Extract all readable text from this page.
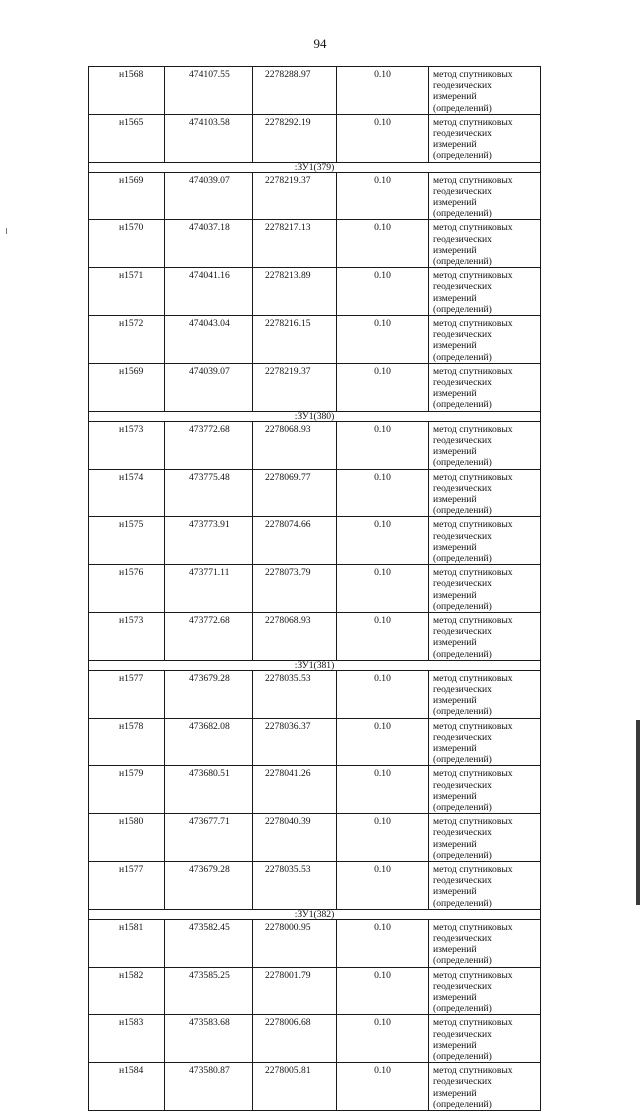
94
н1568	474107.55	2278288.97	0.10	метод спутниковых геодезических измерений (определений)
н1565	474103.58	2278292.19	0.10	метод спутниковых геодезических измерений (определений)
:ЗУ1(379)				
н1569	474039.07	2278219.37	0.10	метод спутниковых геодезических измерений (определений)
н1570	474037.18	2278217.13	0.10	метод спутниковых геодезических измерений (определений)
н1571	474041.16	2278213.89	0.10	метод спутниковых геодезических измерений (определений)
н1572	474043.04	2278216.15	0.10	метод спутниковых геодезических измерений (определений)
н1569	474039.07	2278219.37	0.10	метод спутниковых геодезических измерений (определений)
:ЗУ1(380)				
н1573	473772.68	2278068.93	0.10	метод спутниковых геодезических измерений (определений)
н1574	473775.48	2278069.77	0.10	метод спутниковых геодезических измерений (определений)
н1575	473773.91	2278074.66	0.10	метод спутниковых геодезических измерений (определений)
н1576	473771.11	2278073.79	0.10	метод спутниковых геодезических измерений (определений)
н1573	473772.68	2278068.93	0.10	метод спутниковых геодезических измерений (определений)
:ЗУ1(381)				
н1577	473679.28	2278035.53	0.10	метод спутниковых геодезических измерений (определений)
н1578	473682.08	2278036.37	0.10	метод спутниковых геодезических измерений (определений)
н1579	473680.51	2278041.26	0.10	метод спутниковых геодезических измерений (определений)
н1580	473677.71	2278040.39	0.10	метод спутниковых геодезических измерений (определений)
н1577	473679.28	2278035.53	0.10	метод спутниковых геодезических измерений (определений)
:ЗУ1(382)				
н1581	473582.45	2278000.95	0.10	метод спутниковых геодезических измерений (определений)
н1582	473585.25	2278001.79	0.10	метод спутниковых геодезических измерений (определений)
н1583	473583.68	2278006.68	0.10	метод спутниковых геодезических измерений (определений)
н1584	473580.87	2278005.81	0.10	метод спутниковых геодезических измерений (определений)
